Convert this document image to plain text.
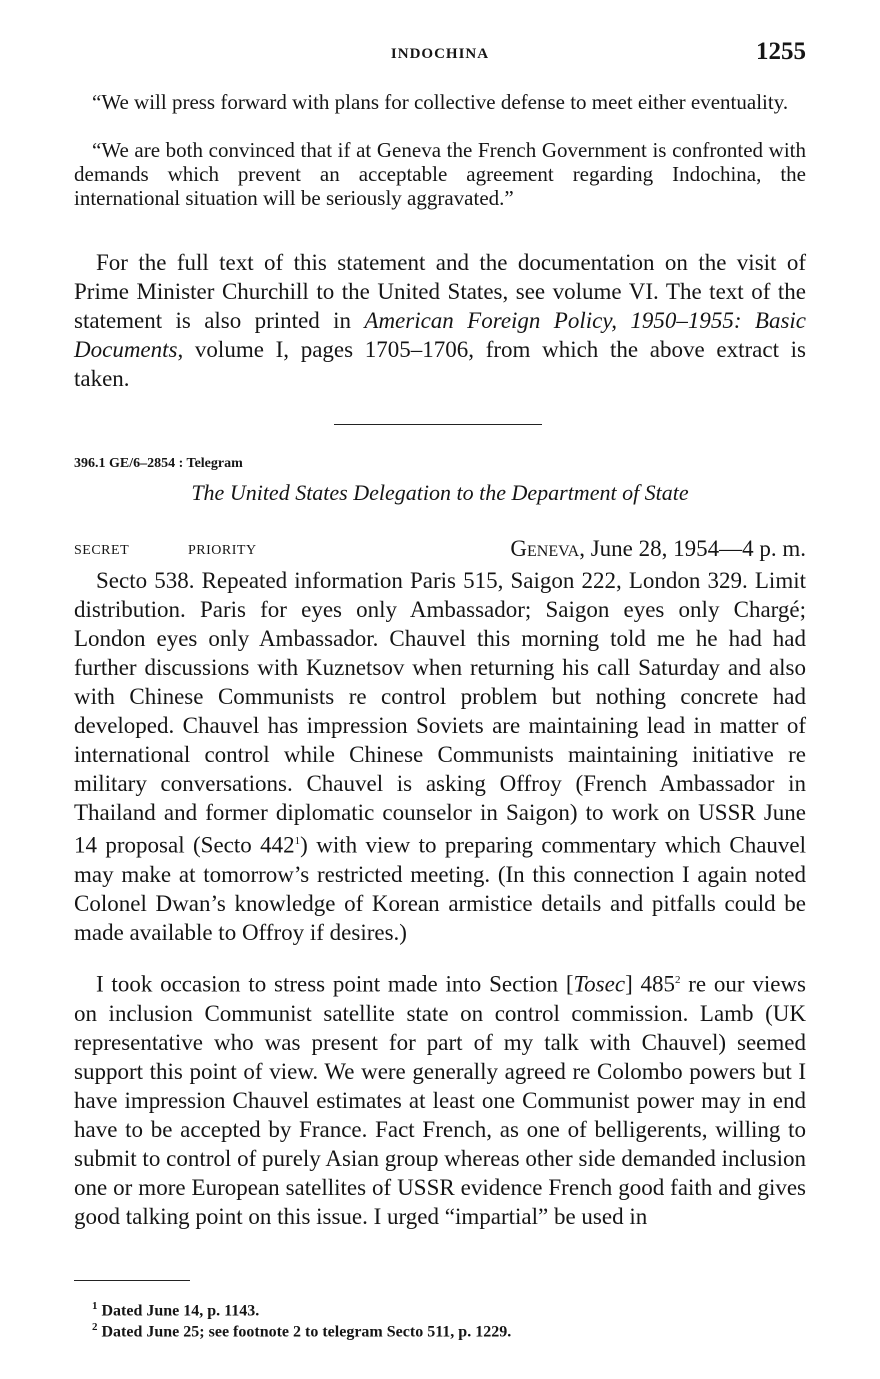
INDOCHINA	1255

“We will press forward with plans for collective defense to meet either eventuality.

“We are both convinced that if at Geneva the French Government is confronted with demands which prevent an acceptable agreement regarding Indochina, the international situation will be seriously aggravated.”

For the full text of this statement and the documentation on the visit of Prime Minister Churchill to the United States, see volume VI. The text of the statement is also printed in American Foreign Policy, 1950–1955: Basic Documents, volume I, pages 1705–1706, from which the above extract is taken.

396.1 GE/6–2854 : Telegram
The United States Delegation to the Department of State
SECRET	PRIORITY	Geneva, June 28, 1954—4 p. m.

Secto 538. Repeated information Paris 515, Saigon 222, London 329. Limit distribution. Paris for eyes only Ambassador; Saigon eyes only Chargé; London eyes only Ambassador. Chauvel this morning told me he had had further discussions with Kuznetsov when returning his call Saturday and also with Chinese Communists re control problem but nothing concrete had developed. Chauvel has impression Soviets are maintaining lead in matter of international control while Chinese Communists maintaining initiative re military conversations. Chauvel is asking Offroy (French Ambassador in Thailand and former diplomatic counselor in Saigon) to work on USSR June 14 proposal (Secto $442^1$) with view to preparing commentary which Chauvel may make at tomorrow’s restricted meeting. (In this connection I again noted Colonel Dwan’s knowledge of Korean armistice details and pitfalls could be made available to Offroy if desires.)

I took occasion to stress point made into Section [Tosec] $485^2$ re our views on inclusion Communist satellite state on control commission. Lamb (UK representative who was present for part of my talk with Chauvel) seemed support this point of view. We were generally agreed re Colombo powers but I have impression Chauvel estimates at least one Communist power may in end have to be accepted by France. Fact French, as one of belligerents, willing to submit to control of purely Asian group whereas other side demanded inclusion one or more European satellites of USSR evidence French good faith and gives good talking point on this issue. I urged “impartial” be used in

$^1$ Dated June 14, p. 1143.

$^2$ Dated June 25; see footnote 2 to telegram Secto 511, p. 1229.
